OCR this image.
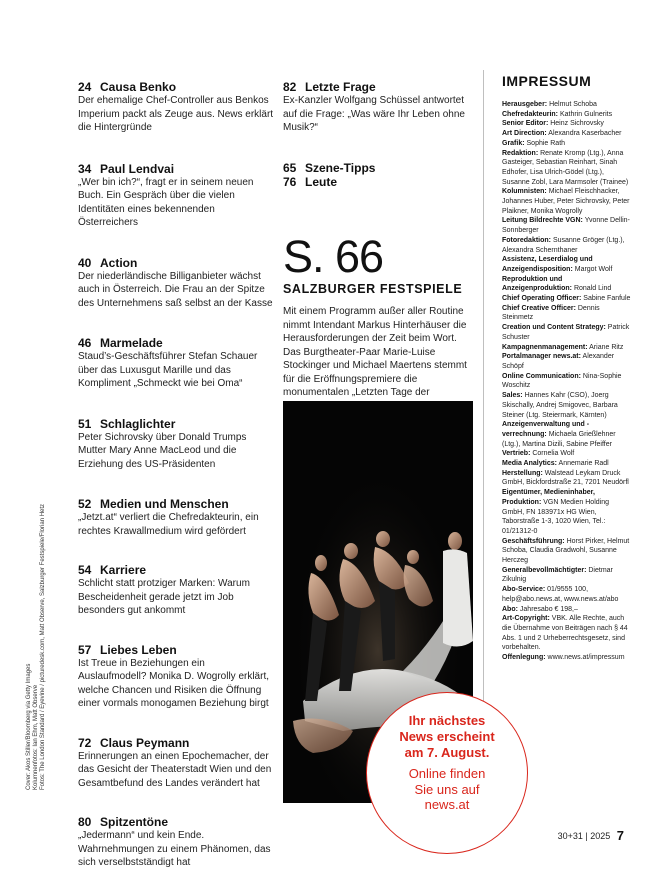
24 Causa Benko
Der ehemalige Chef-Controller aus Benkos Imperium packt als Zeuge aus. News erklärt die Hintergründe
34 Paul Lendvai
„Wer bin ich?“, fragt er in seinem neuen Buch. Ein Gespräch über die vielen Identitäten eines bekennenden Österreichers
40 Action
Der niederländische Billiganbieter wächst auch in Österreich. Die Frau an der Spitze des Unternehmens saß selbst an der Kasse
46 Marmelade
Staud’s-Geschäftsführer Stefan Schauer über das Luxusgut Marille und das Kompliment „Schmeckt wie bei Oma“
51 Schlaglichter
Peter Sichrovsky über Donald Trumps Mutter Mary Anne MacLeod und die Erziehung des US-Präsidenten
52 Medien und Menschen
„Jetzt.at“ verliert die Chefredakteurin, ein rechtes Krawallmedium wird gefördert
54 Karriere
Schlicht statt protziger Marken: Warum Bescheidenheit gerade jetzt im Job besonders gut ankommt
57 Liebes Leben
Ist Treue in Beziehungen ein Auslaufmodell? Monika D. Wogrolly erklärt, welche Chancen und Risiken die Öffnung einer vormals monogamen Beziehung birgt
72 Claus Peymann
Erinnerungen an einen Epochemacher, der das Gesicht der Theaterstadt Wien und den Gesamtbefund des Landes verändert hat
80 Spitzentöne
„Jedermann“ und kein Ende. Wahrnehmungen zu einem Phänomen, das sich verselbstständigt hat
82 Letzte Frage
Ex-Kanzler Wolfgang Schüssel antwortet auf die Frage: „Was wäre Ihr Leben ohne Musik?“
65 Szene-Tipps
76 Leute
S. 66
SALZBURGER FESTSPIELE
Mit einem Programm außer aller Routine nimmt Intendant Markus Hinterhäuser die Herausforderungen der Zeit beim Wort. Das Burgtheater-Paar Marie-Luise Stockinger und Michael Maertens stemmt für die Eröffnungspremiere die monumentalen „Letzten Tage der
IMPRESSUM

Herausgeber: Helmut Schoba

Chefredakteurin: Kathrin Gulnerits

Senior Editor: Heinz Sichrovsky

Art Direction: Alexandra Kaserbacher

Grafik: Sophie Rath

Redaktion: Renate Kromp (Ltg.), Anna Gasteiger, Sebastian Reinhart, Sinah Edhofer, Lisa Ulrich-Gödel (Ltg.), Susanne Zobl, Lara Marmsoler (Trainee)

Kolumnisten: Michael Fleischhacker, Johannes Huber, Peter Sichrovsky, Peter Plaikner, Monika Wogrolly

Leitung Bildrechte VGN: Yvonne Dellin-Sonnberger

Fotoredaktion: Susanne Gröger (Ltg.), Alexandra Schernthaner

Assistenz, Leserdialog und Anzeigendisposition: Margot Wolf

Reproduktion und Anzeigenproduktion: Ronald Lind

Chief Operating Officer: Sabine Fanfule

Chief Creative Officer: Dennis Steinmetz

Creation und Content Strategy: Patrick Schuster

Kampagnenmanagement: Ariane Ritz

Portalmanager news.at: Alexander Schöpf

Online Communication: Nina-Sophie Woschitz

Sales: Hannes Kahr (CSO), Joerg Skischally, Andrej Smigovec, Barbara Steiner (Ltg. Steiermark, Kärnten)

Anzeigenverwaltung und -verrechnung: Michaela Grießlehner (Ltg.), Martina Dizili, Sabine Pfeiffer

Vertrieb: Cornelia Wolf

Media Analytics: Annemarie Radl

Herstellung: Walstead Leykam Druck GmbH, Bickfordstraße 21, 7201 Neudörfl

Eigentümer, Medieninhaber, Produktion: VGN Medien Holding GmbH, FN 183971x HG Wien, Taborstraße 1-3, 1020 Wien, Tel.: 01/21312-0

Geschäftsführung: Horst Pirker, Helmut Schoba, Claudia Gradwohl, Susanne Herczeg

Generalbevollmächtigter: Dietmar Zikulnig

Abo-Service: 01/9555 100, help@abo.news.at, www.news.at/abo

Abo: Jahresabo € 198,–

Art-Copyright: VBK. Alle Rechte, auch die Übernahme von Beiträgen nach § 44 Abs. 1 und 2 Urheberrechtsgesetz, sind vorbehalten.

Offenlegung: www.news.at/impressum

Ihr nächstes
News erscheint
am 7. August.
Online finden
Sie uns auf
news.at
Cover: Akos Stiller/Bloomberg via Getty Images Kolumnenfotos: Ian Ehm, Matt Observe Fotos: The London Standard / Eyevine / picturedesk.com, Matt Observe, Salzburger Festspiele/Florian Hetz
30+31 | 2025 7
